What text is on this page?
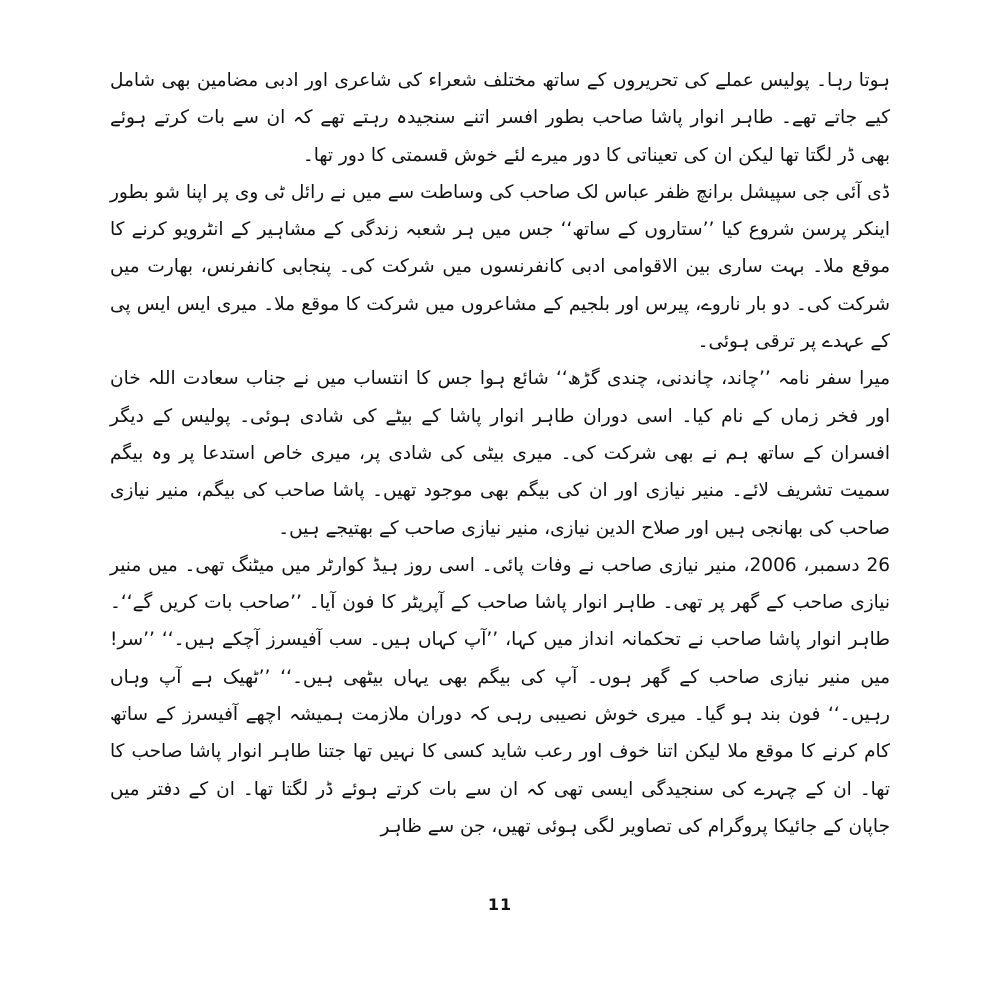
ہوتا رہا۔ پولیس عملے کی تحریروں کے ساتھ مختلف شعراء کی شاعری اور ادبی مضامین بھی شامل کیے جاتے تھے۔ طاہر انوار پاشا صاحب بطور افسر اتنے سنجیدہ رہتے تھے کہ ان سے بات کرتے ہوئے بھی ڈر لگتا تھا لیکن ان کی تعیناتی کا دور میرے لئے خوش قسمتی کا دور تھا۔

ڈی آئی جی سپیشل برانچ ظفر عباس لک صاحب کی وساطت سے میں نے رائل ٹی وی پر اپنا شو بطور اینکر پرسن شروع کیا ’’ستاروں کے ساتھ‘‘ جس میں ہر شعبہ زندگی کے مشاہیر کے انٹرویو کرنے کا موقع ملا۔ بہت ساری بین الاقوامی ادبی کانفرنسوں میں شرکت کی۔ پنجابی کانفرنس، بھارت میں شرکت کی۔ دو بار ناروے، پیرس اور بلجیم کے مشاعروں میں شرکت کا موقع ملا۔ میری ایس ایس پی کے عہدے پر ترقی ہوئی۔

میرا سفر نامہ ’’چاند، چاندنی، چندی گڑھ‘‘ شائع ہوا جس کا انتساب میں نے جناب سعادت اللہ خان اور فخر زماں کے نام کیا۔ اسی دوران طاہر انوار پاشا کے بیٹے کی شادی ہوئی۔ پولیس کے دیگر افسران کے ساتھ ہم نے بھی شرکت کی۔ میری بیٹی کی شادی پر، میری خاص استدعا پر وہ بیگم سمیت تشریف لائے۔ منیر نیازی اور ان کی بیگم بھی موجود تھیں۔ پاشا صاحب کی بیگم، منیر نیازی صاحب کی بھانجی ہیں اور صلاح الدین نیازی، منیر نیازی صاحب کے بھتیجے ہیں۔

26 دسمبر، 2006، منیر نیازی صاحب نے وفات پائی۔ اسی روز ہیڈ کوارٹر میں میٹنگ تھی۔ میں منیر نیازی صاحب کے گھر پر تھی۔ طاہر انوار پاشا صاحب کے آپریٹر کا فون آیا۔ ’’صاحب بات کریں گے‘‘۔ طاہر انوار پاشا صاحب نے تحکمانہ انداز میں کہا، ’’آپ کہاں ہیں۔ سب آفیسرز آچکے ہیں۔‘‘ ’’سر! میں منیر نیازی صاحب کے گھر ہوں۔ آپ کی بیگم بھی یہاں بیٹھی ہیں۔‘‘ ’’ٹھیک ہے آپ وہاں رہیں۔‘‘ فون بند ہو گیا۔ میری خوش نصیبی رہی کہ دوران ملازمت ہمیشہ اچھے آفیسرز کے ساتھ کام کرنے کا موقع ملا لیکن اتنا خوف اور رعب شاید کسی کا نہیں تھا جتنا طاہر انوار پاشا صاحب کا تھا۔ ان کے چہرے کی سنجیدگی ایسی تھی کہ ان سے بات کرتے ہوئے ڈر لگتا تھا۔ ان کے دفتر میں جاپان کے جائیکا پروگرام کی تصاویر لگی ہوئی تھیں، جن سے ظاہر

11
